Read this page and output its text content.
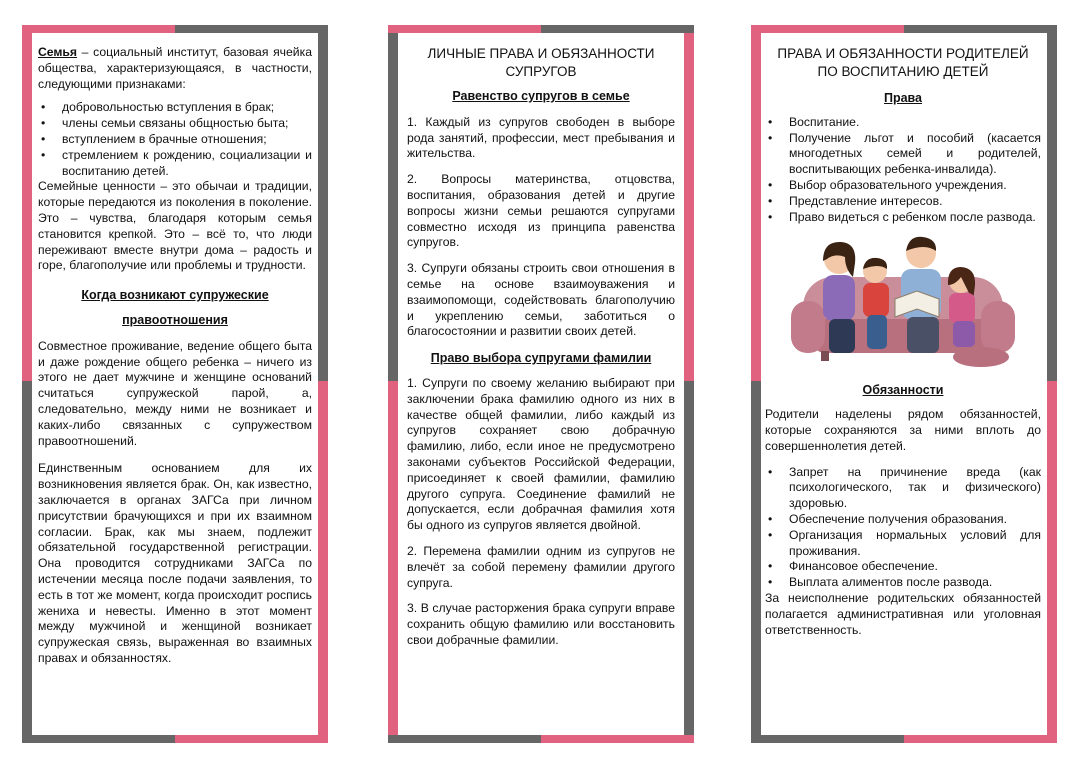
Семья – социальный институт, базовая ячейка общества, характеризующаяся, в частности, следующими признаками:

• добровольностью вступления в брак;
• члены семьи связаны общностью быта;
• вступлением в брачные отношения;
• стремлением к рождению, социализации и воспитанию детей.

Семейные ценности – это обычаи и традиции, которые передаются из поколения в поколение. Это – чувства, благодаря которым семья становится крепкой. Это – всё то, что люди переживают вместе внутри дома – радость и горе, благополучие или проблемы и трудности.

Когда возникают супружеские

правоотношения

Совместное проживание, ведение общего быта и даже рождение общего ребенка – ничего из этого не дает мужчине и женщине оснований считаться супружеской парой, а, следовательно, между ними не возникает и каких-либо связанных с супружеством правоотношений.

Единственным основанием для их возникновения является брак. Он, как известно, заключается в органах ЗАГСа при личном присутствии брачующихся и при их взаимном согласии. Брак, как мы знаем, подлежит обязательной государственной регистрации. Она проводится сотрудниками ЗАГСа по истечении месяца после подачи заявления, то есть в тот же момент, когда происходит роспись жениха и невесты. Именно в этот момент между мужчиной и женщиной возникает супружеская связь, выраженная во взаимных правах и обязанностях.

ЛИЧНЫЕ ПРАВА И ОБЯЗАННОСТИ

СУПРУГОВ

Равенство супругов в семье

1. Каждый из супругов свободен в выборе рода занятий, профессии, мест пребывания и жительства.

2. Вопросы материнства, отцовства, воспитания, образования детей и другие вопросы жизни семьи решаются супругами совместно исходя из принципа равенства супругов.

3. Супруги обязаны строить свои отношения в семье на основе взаимоуважения и взаимопомощи, содействовать благополучию и укреплению семьи, заботиться о благосостоянии и развитии своих детей.

Право выбора супругами фамилии

1. Супруги по своему желанию выбирают при заключении брака фамилию одного из них в качестве общей фамилии, либо каждый из супругов сохраняет свою добрачную фамилию, либо, если иное не предусмотрено законами субъектов Российской Федерации, присоединяет к своей фамилии, фамилию другого супруга. Соединение фамилий не допускается, если добрачная фамилия хотя бы одного из супругов является двойной.

2. Перемена фамилии одним из супругов не влечёт за собой перемену фамилии другого супруга.

3. В случае расторжения брака супруги вправе сохранить общую фамилию или восстановить свои добрачные фамилии.

ПРАВА И ОБЯЗАННОСТИ РОДИТЕЛЕЙ

ПО ВОСПИТАНИЮ ДЕТЕЙ

Права

• Воспитание.
• Получение льгот и пособий (касается многодетных семей и родителей, воспитывающих ребенка-инвалида).
• Выбор образовательного учреждения.
• Представление интересов.
• Право видеться с ребенком после развода.

Обязанности

Родители наделены рядом обязанностей, которые сохраняются за ними вплоть до совершеннолетия детей.

• Запрет на причинение вреда (как психологического, так и физического) здоровью.
• Обеспечение получения образования.
• Организация нормальных условий для проживания.
• Финансовое обеспечение.
• Выплата алиментов после развода.

За неисполнение родительских обязанностей полагается административная или уголовная ответственность.
